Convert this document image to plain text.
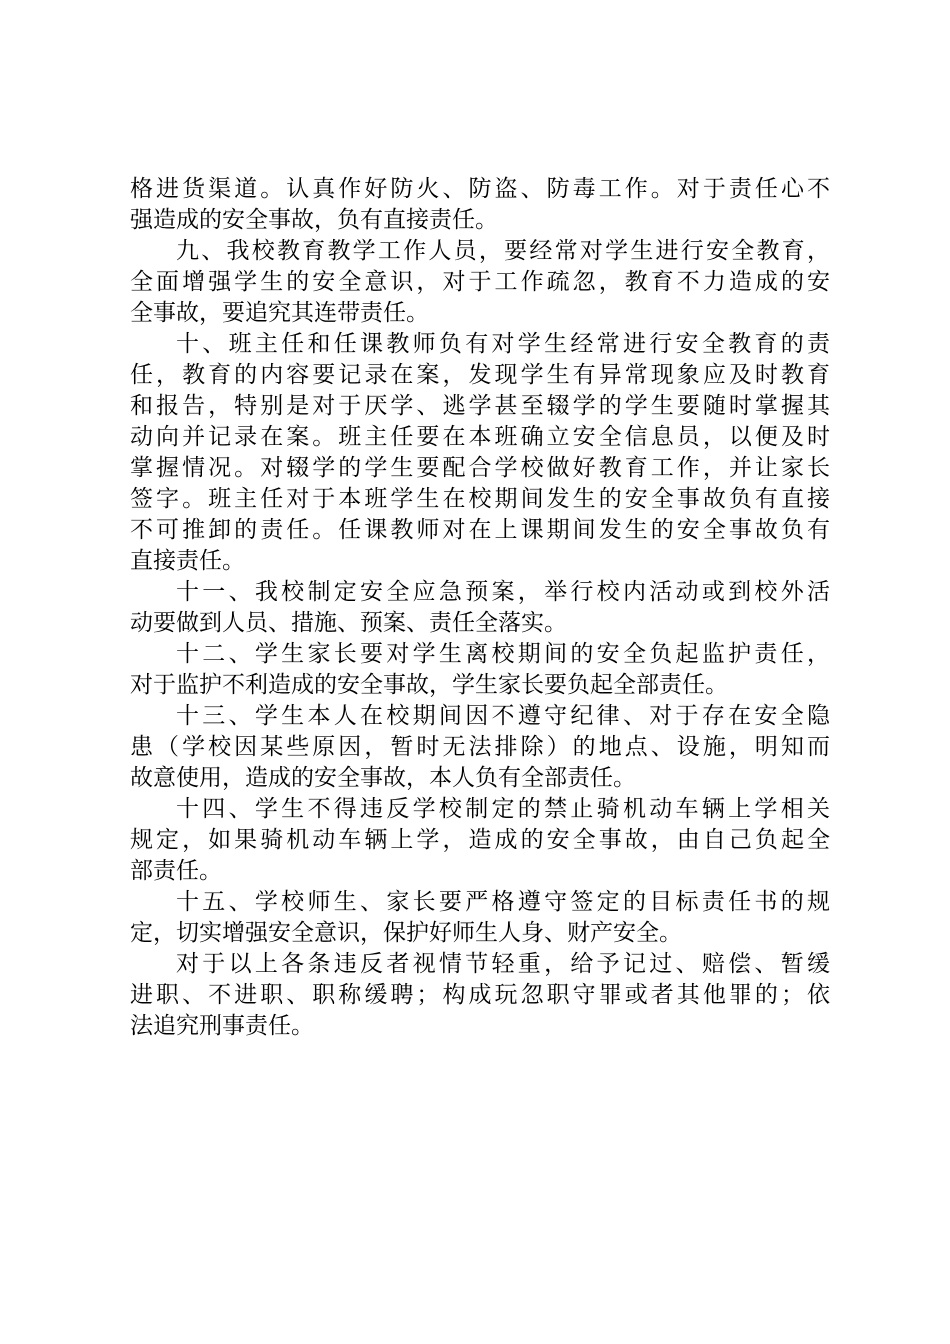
格进货渠道。认真作好防火、防盗、防毒工作。对于责任心不
强造成的安全事故，负有直接责任。
九、我校教育教学工作人员，要经常对学生进行安全教育，
全面增强学生的安全意识，对于工作疏忽，教育不力造成的安
全事故，要追究其连带责任。
十、班主任和任课教师负有对学生经常进行安全教育的责
任，教育的内容要记录在案，发现学生有异常现象应及时教育
和报告，特别是对于厌学、逃学甚至辍学的学生要随时掌握其
动向并记录在案。班主任要在本班确立安全信息员，以便及时
掌握情况。对辍学的学生要配合学校做好教育工作，并让家长
签字。班主任对于本班学生在校期间发生的安全事故负有直接
不可推卸的责任。任课教师对在上课期间发生的安全事故负有
直接责任。
十一、我校制定安全应急预案，举行校内活动或到校外活
动要做到人员、措施、预案、责任全落实。
十二、学生家长要对学生离校期间的安全负起监护责任，
对于监护不利造成的安全事故，学生家长要负起全部责任。
十三、学生本人在校期间因不遵守纪律、对于存在安全隐
患（学校因某些原因，暂时无法排除）的地点、设施，明知而
故意使用，造成的安全事故，本人负有全部责任。
十四、学生不得违反学校制定的禁止骑机动车辆上学相关
规定，如果骑机动车辆上学，造成的安全事故，由自己负起全
部责任。
十五、学校师生、家长要严格遵守签定的目标责任书的规
定，切实增强安全意识，保护好师生人身、财产安全。
对于以上各条违反者视情节轻重，给予记过、赔偿、暂缓
进职、不进职、职称缓聘；构成玩忽职守罪或者其他罪的；依
法追究刑事责任。
